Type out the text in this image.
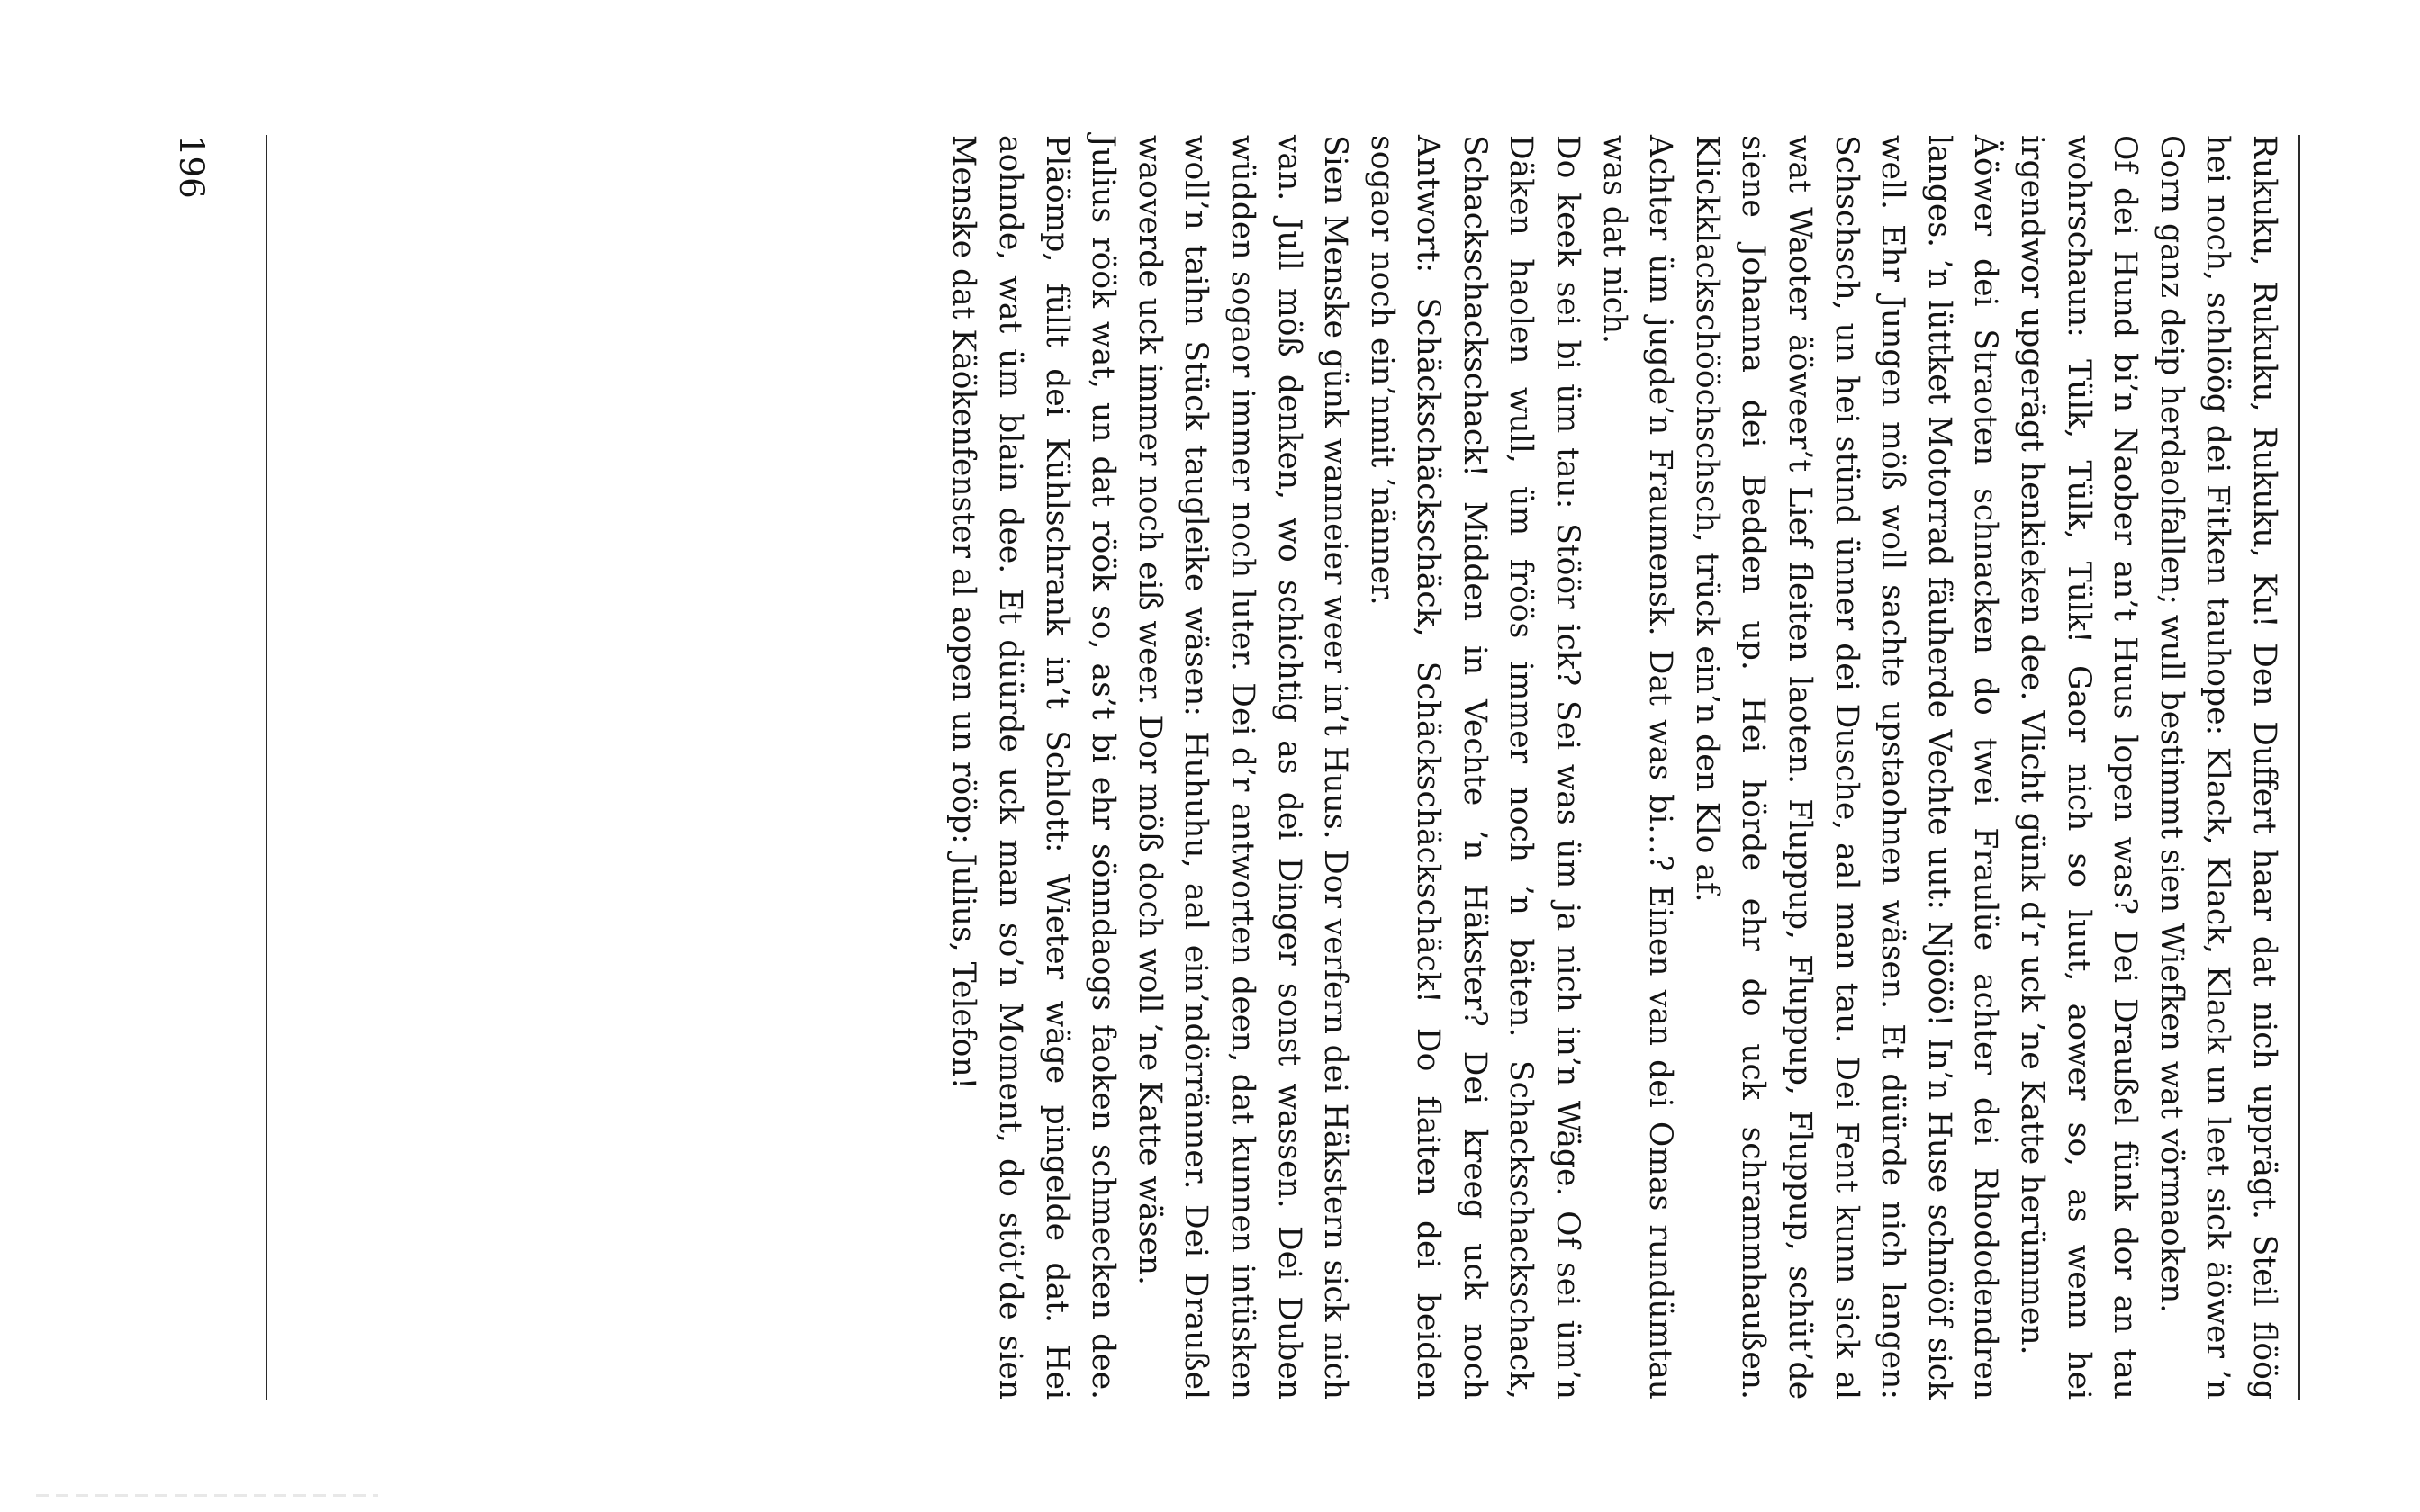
Rukuku, Rukuku, Rukuku, Ku! Den Duffert haar dat nich upprägt. Steil flöög hei noch, schlöög dei Fitken tauhope: Klack, Klack, Klack un leet sick äöwer ’n Gorn ganz deip herdaolfallen; wull bestimmt sien Wiefken wat vörmaoken.

Of dei Hund bi’n Naober an’t Huus lopen was? Dei Draußel fünk dor an tau wohrschaun: Tülk, Tülk, Tülk! Gaor nich so luut, aower so, as wenn hei irgendwor upgerägt henkieken dee. Vlicht günk d’r uck ’ne Katte herümmen.

Äöwer dei Straoten schnacken do twei Fraulüe achter dei Rhododendren langes. ’n lüttket Motorrad fäuherde Vechte uut: Njööö! In’n Huse schnööf sick well. Ehr Jungen möß woll sachte upstaohnen wäsen. Et düürde nich langen: Schschsch, un hei stünd ünner dei Dusche, aal man tau. Dei Fent kunn sick al wat Waoter äöweer’t Lief fleiten laoten. Fluppup, Fluppup, Fluppup, schüt’de siene Johanna dei Bedden up. Hei hörde ehr do uck schrammhaußen. Klickklackschööchschsch, trück ein’n den Klo af.

Achter üm jugde’n Fraumensk. Dat was bi…? Einen van dei Omas rundümtau was dat nich.

Do keek sei bi üm tau: Stöör ick? Sei was üm ja nich in’n Wäge. Of sei üm’n Däken haolen wull, üm fröös immer noch ’n bäten. Schackschackschack, Schackschackschack! Midden in Vechte ’n Häkster? Dei kreeg uck noch Antwort: Schäckschäckschäck, Schäckschäckschäck! Do flaiten dei beiden sogaor noch ein’nmit ’nänner.

Sien Menske günk wanneier weer in’t Huus. Dor verfern dei Häkstern sick nich van. Jull möß denken, wo schichtig as dei Dinger sonst wassen. Dei Duben wüdden sogaor immer noch luter. Dei d’r antworten deen, dat kunnen intüsken woll’n taihn Stück taugleike wäsen: Huhuhu, aal ein’ndörränner. Dei Draußel waoverde uck immer noch eiß weer. Dor möß doch woll ’ne Katte wäsen.

Julius röök wat, un dat röök so, as’t bi ehr sönndaogs faoken schmecken dee. Pläömp, füllt dei Kühlschrank in’t Schlott: Wieter wäge pingelde dat. Hei aohnde, wat üm blain dee. Et düürde uck man so’n Moment, do stöt’de sien Menske dat Käökenfenster al aopen un rööp: Julius, Telefon!

196
